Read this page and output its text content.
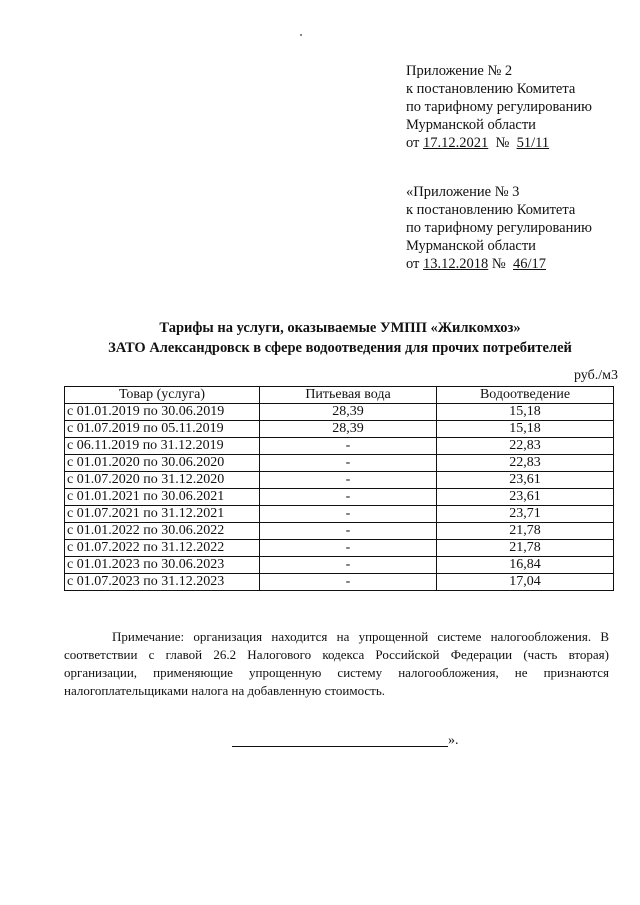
Приложение № 2
к постановлению Комитета
по тарифному регулированию
Мурманской области
от 17.12.2021  №  51/11
«Приложение № 3
к постановлению Комитета
по тарифному регулированию
Мурманской области
от 13.12.2018 №  46/17
Тарифы на услуги, оказываемые УМПП «Жилкомхоз»
ЗАТО Александровск в сфере водоотведения для прочих потребителей
руб./м3
Товар (услуга)	Питьевая вода	Водоотведение
с 01.01.2019 по 30.06.2019	28,39	15,18
с 01.07.2019 по 05.11.2019	28,39	15,18
с 06.11.2019 по 31.12.2019	-	22,83
с 01.01.2020 по 30.06.2020	-	22,83
с 01.07.2020 по 31.12.2020	-	23,61
с 01.01.2021 по 30.06.2021	-	23,61
с 01.07.2021 по 31.12.2021	-	23,71
с 01.01.2022 по 30.06.2022	-	21,78
с 01.07.2022 по 31.12.2022	-	21,78
с 01.01.2023 по 30.06.2023	-	16,84
с 01.07.2023 по 31.12.2023	-	17,04
Примечание: организация находится на упрощенной системе налогообложения. В соответствии с главой 26.2 Налогового кодекса Российской Федерации (часть вторая) организации, применяющие упрощенную систему налогообложения, не признаются налогоплательщиками налога на добавленную стоимость.
».
